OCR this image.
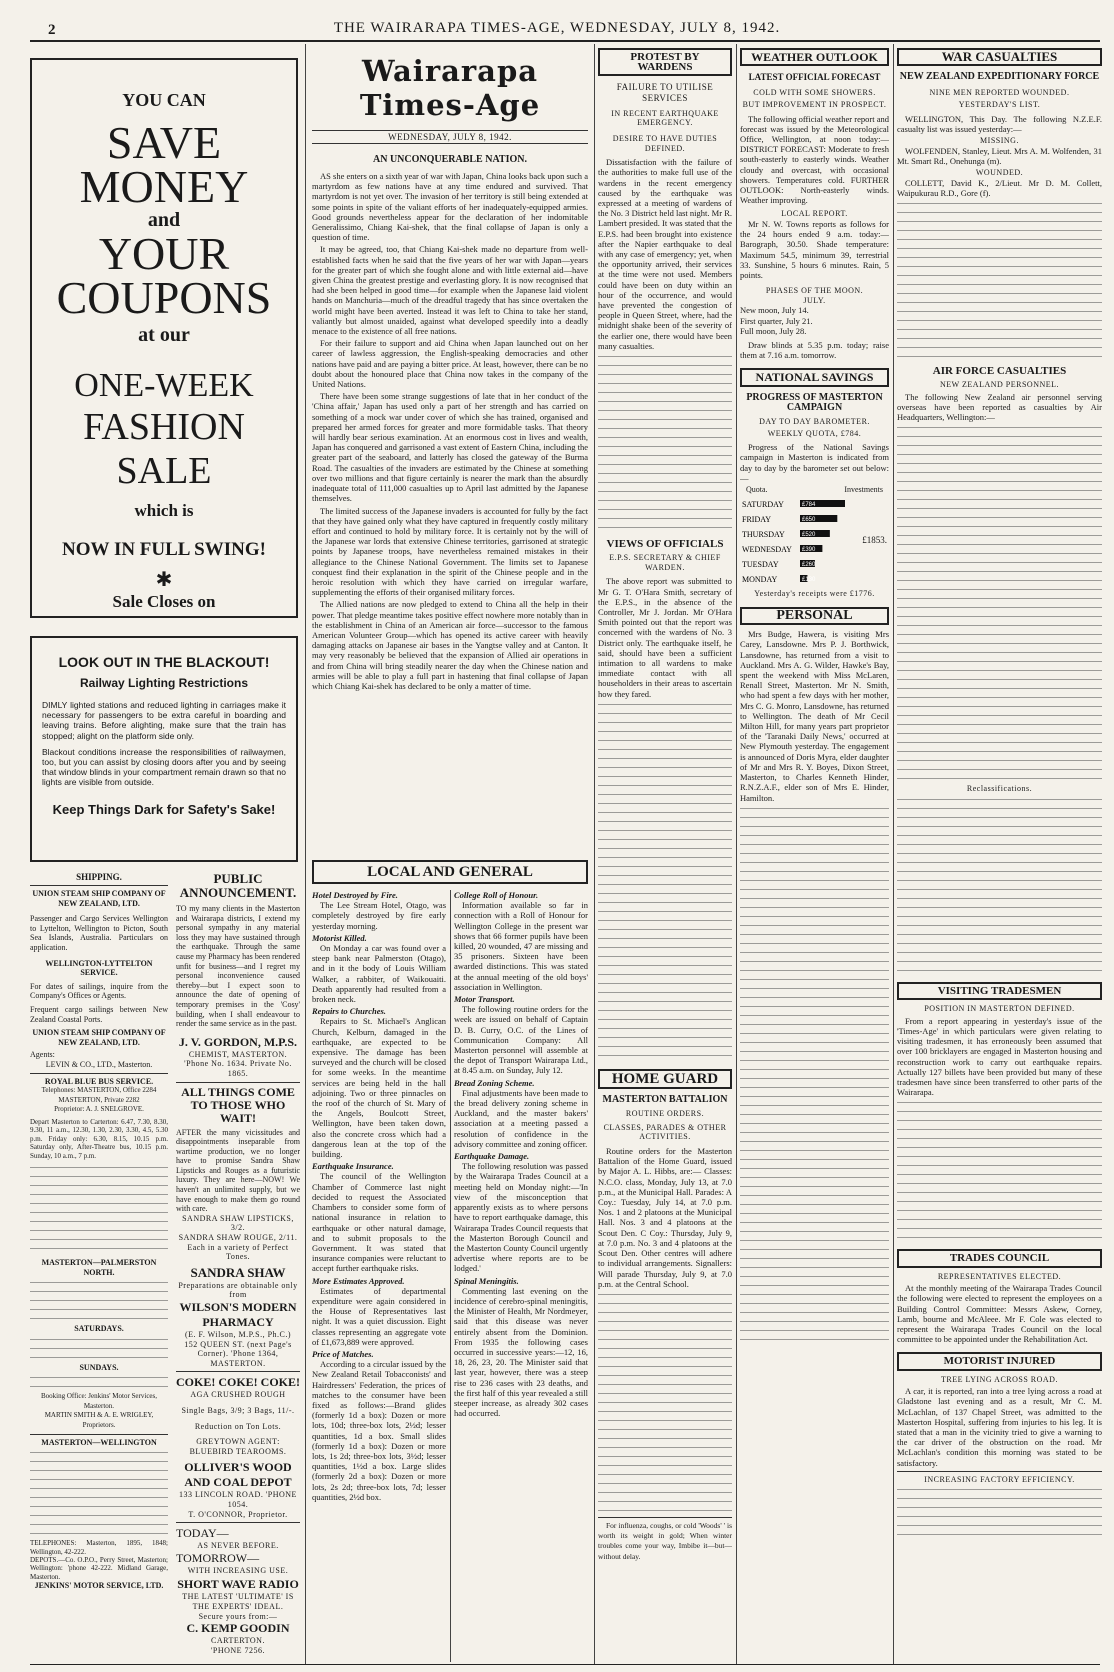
2	THE WAIRARAPA TIMES-AGE, WEDNESDAY, JULY 8, 1942.
YOU CAN
SAVE MONEY
and
YOUR COUPONS
at our
ONE-WEEK
FASHION SALE
which is
NOW IN FULL SWING!
✱
Sale Closes on
LOOK OUT IN THE BLACKOUT!
Railway Lighting Restrictions
DIMLY lighted stations and reduced lighting in carriages make it necessary for passengers to be extra careful in boarding and leaving trains. Before alighting, make sure that the train has stopped; alight on the platform side only.
Blackout conditions increase the responsibilities of railwaymen, too, but you can assist by closing doors after you and by seeing that window blinds in your compartment remain drawn so that no lights are visible from outside.
Keep Things Dark for Safety's Sake!
SHIPPING.
UNION STEAM SHIP COMPANY OF NEW ZEALAND, LTD.
Passenger and Cargo Services Wellington to Lyttelton, Wellington to Picton, South Sea Islands, Australia. Particulars on application.
WELLINGTON-LYTTELTON SERVICE.
For dates of sailings, inquire from the Company's Offices or Agents.
Frequent cargo sailings between New Zealand Coastal Ports.
UNION STEAM SHIP COMPANY OF NEW ZEALAND, LTD.
Agents:
LEVIN & CO., LTD., Masterton.
ROYAL BLUE BUS SERVICE.
Telephones: MASTERTON, Office 2284 MASTERTON, Private 2282
Proprietor: A. J. SNELGROVE.
Depart Masterton to Carterton: 6.47, 7.30, 8.30, 9.30, 11 a.m., 12.30, 1.30, 2.30, 3.30, 4.5, 5.30 p.m. Friday only: 6.30, 8.15, 10.15 p.m. Saturday only, After-Theatre bus, 10.15 p.m. Sunday, 10 a.m., 7 p.m.
MASTERTON—PALMERSTON NORTH.
SATURDAYS.
SUNDAYS.
Booking Office: Jenkins' Motor Services, Masterton.
MARTIN SMITH & A. E. WRIGLEY, Proprietors.
MASTERTON—WELLINGTON
TELEPHONES: Masterton, 1895, 1848; Wellington, 42-222.
DEPOTS.—Co. O.P.O., Perry Street, Masterton; Wellington: 'phone 42-222. Midland Garage, Masterton.
JENKINS' MOTOR SERVICE, LTD.
PUBLIC ANNOUNCEMENT.
TO my many clients in the Masterton and Wairarapa districts, I extend my personal sympathy in any material loss they may have sustained through the earthquake. Through the same cause my Pharmacy has been rendered unfit for business—and I regret my personal inconvenience caused thereby—but I expect soon to announce the date of opening of temporary premises in the 'Cosy' building, when I shall endeavour to render the same service as in the past.
J. V. GORDON, M.P.S.
CHEMIST, MASTERTON.
'Phone No. 1634. Private No. 1865.
ALL THINGS COME TO THOSE WHO WAIT!
AFTER the many vicissitudes and disappointments inseparable from wartime production, we no longer have to promise Sandra Shaw Lipsticks and Rouges as a futuristic luxury. They are here—NOW! We haven't an unlimited supply, but we have enough to make them go round with care.
SANDRA SHAW LIPSTICKS, 3/2.
SANDRA SHAW ROUGE, 2/11.
Each in a variety of Perfect Tones.
SANDRA SHAW
Preparations are obtainable only from
WILSON'S MODERN PHARMACY
(E. F. Wilson, M.P.S., Ph.C.)
152 QUEEN ST. (next Page's Corner). 'Phone 1364, MASTERTON.
COKE! COKE! COKE!
AGA CRUSHED ROUGH
Single Bags, 3/9; 3 Bags, 11/-.
Reduction on Ton Lots.
GREYTOWN AGENT: BLUEBIRD TEAROOMS.
OLLIVER'S WOOD AND COAL DEPOT
133 LINCOLN ROAD. 'PHONE 1054.
T. O'CONNOR, Proprietor.
TODAY—
AS NEVER BEFORE.
TOMORROW—
WITH INCREASING USE.
SHORT WAVE RADIO
THE LATEST 'ULTIMATE' IS THE EXPERTS' IDEAL.
Secure yours from:—
C. KEMP GOODIN
CARTERTON.
'PHONE 7256.
Wairarapa Times-Age
WEDNESDAY, JULY 8, 1942.
AN UNCONQUERABLE NATION.

AS she enters on a sixth year of war with Japan, China looks back upon such a martyrdom as few nations have at any time endured and survived. That martyrdom is not yet over. The invasion of her territory is still being extended at some points in spite of the valiant efforts of her inadequately-equipped armies. Good grounds nevertheless appear for the declaration of her indomitable Generalissimo, Chiang Kai-shek, that the final collapse of Japan is only a question of time.

It may be agreed, too, that Chiang Kai-shek made no departure from well-established facts when he said that the five years of her war with Japan—years for the greater part of which she fought alone and with little external aid—have given China the greatest prestige and everlasting glory. It is now recognised that had she been helped in good time—for example when the Japanese laid violent hands on Manchuria—much of the dreadful tragedy that has since overtaken the world might have been averted. Instead it was left to China to take her stand, valiantly but almost unaided, against what developed speedily into a deadly menace to the existence of all free nations.

For their failure to support and aid China when Japan launched out on her career of lawless aggression, the English-speaking democracies and other nations have paid and are paying a bitter price. At least, however, there can be no doubt about the honoured place that China now takes in the company of the United Nations.

There have been some strange suggestions of late that in her conduct of the 'China affair,' Japan has used only a part of her strength and has carried on something of a mock war under cover of which she has trained, organised and prepared her armed forces for greater and more formidable tasks. That theory will hardly bear serious examination. At an enormous cost in lives and wealth, Japan has conquered and garrisoned a vast extent of Eastern China, including the greater part of the seaboard, and latterly has closed the gateway of the Burma Road. The casualties of the invaders are estimated by the Chinese at something over two millions and that figure certainly is nearer the mark than the absurdly inadequate total of 111,000 casualties up to April last admitted by the Japanese themselves.

The limited success of the Japanese invaders is accounted for fully by the fact that they have gained only what they have captured in frequently costly military effort and continued to hold by military force. It is certainly not by the will of the Japanese war lords that extensive Chinese territories, garrisoned at strategic points by Japanese troops, have nevertheless remained mistakes in their allegiance to the Chinese National Government. The limits set to Japanese conquest find their explanation in the spirit of the Chinese people and in the heroic resolution with which they have carried on irregular warfare, supplementing the efforts of their organised military forces.

The Allied nations are now pledged to extend to China all the help in their power. That pledge meantime takes positive effect nowhere more notably than in the establishment in China of an American air force—successor to the famous American Volunteer Group—which has opened its active career with heavily damaging attacks on Japanese air bases in the Yangtse valley and at Canton. It may very reasonably be believed that the expansion of Allied air operations in and from China will bring steadily nearer the day when the Chinese nation and armies will be able to play a full part in hastening that final collapse of Japan which Chiang Kai-shek has declared to be only a matter of time.

LOCAL AND GENERAL
Hotel Destroyed by Fire.

The Lee Stream Hotel, Otago, was completely destroyed by fire early yesterday morning.

Motorist Killed.

On Monday a car was found over a steep bank near Palmerston (Otago), and in it the body of Louis William Walker, a rabbiter, of Waikouaiti. Death apparently had resulted from a broken neck.

Repairs to Churches.

Repairs to St. Michael's Anglican Church, Kelburn, damaged in the earthquake, are expected to be expensive. The damage has been surveyed and the church will be closed for some weeks. In the meantime services are being held in the hall adjoining. Two or three pinnacles on the roof of the church of St. Mary of the Angels, Boulcott Street, Wellington, have been taken down, also the concrete cross which had a dangerous lean at the top of the building.

Earthquake Insurance.

The council of the Wellington Chamber of Commerce last night decided to request the Associated Chambers to consider some form of national insurance in relation to earthquake or other natural damage, and to submit proposals to the Government. It was stated that insurance companies were reluctant to accept further earthquake risks.

More Estimates Approved.

Estimates of departmental expenditure were again considered in the House of Representatives last night. It was a quiet discussion. Eight classes representing an aggregate vote of £1,673,889 were approved.

Price of Matches.

According to a circular issued by the New Zealand Retail Tobacconists' and Hairdressers' Federation, the prices of matches to the consumer have been fixed as follows:—Brand glides (formerly 1d a box): Dozen or more lots, 10d; three-box lots, 2½d; lesser quantities, 1d a box. Small slides (formerly 1d a box): Dozen or more lots, 1s 2d; three-box lots, 3½d; lesser quantities, 1½d a box. Large slides (formerly 2d a box): Dozen or more lots, 2s 2d; three-box lots, 7d; lesser quantities, 2½d box.

College Roll of Honour.

Information available so far in connection with a Roll of Honour for Wellington College in the present war shows that 66 former pupils have been killed, 20 wounded, 47 are missing and 35 prisoners. Sixteen have been awarded distinctions. This was stated at the annual meeting of the old boys' association in Wellington.

Motor Transport.

The following routine orders for the week are issued on behalf of Captain D. B. Curry, O.C. of the Lines of Communication Company: All Masterton personnel will assemble at the depot of Transport Wairarapa Ltd., at 8.45 a.m. on Sunday, July 12.

Bread Zoning Scheme.

Final adjustments have been made to the bread delivery zoning scheme in Auckland, and the master bakers' association at a meeting passed a resolution of confidence in the advisory committee and zoning officer.

Earthquake Damage.

The following resolution was passed by the Wairarapa Trades Council at a meeting held on Monday night:—'In view of the misconception that apparently exists as to where persons have to report earthquake damage, this Wairarapa Trades Council requests that the Masterton Borough Council and the Masterton County Council urgently advertise where reports are to be lodged.'

Spinal Meningitis.

Commenting last evening on the incidence of cerebro-spinal meningitis, the Minister of Health, Mr Nordmeyer, said that this disease was never entirely absent from the Dominion. From 1935 the following cases occurred in successive years:—12, 16, 18, 26, 23, 20. The Minister said that last year, however, there was a steep rise to 236 cases with 23 deaths, and the first half of this year revealed a still steeper increase, as already 302 cases had occurred.

PROTEST BY WARDENS
FAILURE TO UTILISE SERVICES
IN RECENT EARTHQUAKE EMERGENCY.
DESIRE TO HAVE DUTIES DEFINED.

Dissatisfaction with the failure of the authorities to make full use of the wardens in the recent emergency caused by the earthquake was expressed at a meeting of wardens of the No. 3 District held last night. Mr R. Lambert presided. It was stated that the E.P.S. had been brought into existence after the Napier earthquake to deal with any case of emergency; yet, when the opportunity arrived, their services at the time were not used. Members could have been on duty within an hour of the occurrence, and would have prevented the congestion of people in Queen Street, where, had the midnight shake been of the severity of the earlier one, there would have been many casualties.

VIEWS OF OFFICIALS
E.P.S. SECRETARY & CHIEF WARDEN.

The above report was submitted to Mr G. T. O'Hara Smith, secretary of the E.P.S., in the absence of the Controller, Mr J. Jordan. Mr O'Hara Smith pointed out that the report was concerned with the wardens of No. 3 District only. The earthquake itself, he said, should have been a sufficient intimation to all wardens to make immediate contact with all householders in their areas to ascertain how they fared.

HOME GUARD
MASTERTON BATTALION
ROUTINE ORDERS.
CLASSES, PARADES & OTHER ACTIVITIES.

Routine orders for the Masterton Battalion of the Home Guard, issued by Major A. L. Hibbs, are:— Classes: N.C.O. class, Monday, July 13, at 7.0 p.m., at the Municipal Hall. Parades: A Coy.: Tuesday, July 14, at 7.0 p.m. Nos. 1 and 2 platoons at the Municipal Hall. Nos. 3 and 4 platoons at the Scout Den. C Coy.: Thursday, July 9, at 7.0 p.m. No. 3 and 4 platoons at the Scout Den. Other centres will adhere to individual arrangements. Signallers: Will parade Thursday, July 9, at 7.0 p.m. at the Central School.

For influenza, coughs, or cold 'Woods' ' is worth its weight in gold; When winter troubles come your way, Imbibe it—but—without delay.

WEATHER OUTLOOK
LATEST OFFICIAL FORECAST
COLD WITH SOME SHOWERS.
BUT IMPROVEMENT IN PROSPECT.

The following official weather report and forecast was issued by the Meteorological Office, Wellington, at noon today:— DISTRICT FORECAST: Moderate to fresh south-easterly to easterly winds. Weather cloudy and overcast, with occasional showers. Temperatures cold. FURTHER OUTLOOK: North-easterly winds. Weather improving.

LOCAL REPORT.

Mr N. W. Towns reports as follows for the 24 hours ended 9 a.m. today:—Barograph, 30.50. Shade temperature: Maximum 54.5, minimum 39, terrestrial 33. Sunshine, 5 hours 6 minutes. Rain, 5 points.

PHASES OF THE MOON.
JULY.
New moon, July 14.
First quarter, July 21.
Full moon, July 28.

Draw blinds at 5.35 p.m. today; raise them at 7.16 a.m. tomorrow.

NATIONAL SAVINGS
PROGRESS OF MASTERTON CAMPAIGN
DAY TO DAY BAROMETER.
WEEKLY QUOTA, £784.

Progress of the National Savings campaign in Masterton is indicated from day to day by the barometer set out below:—

Quota.	Investments
SATURDAY	£784
FRIDAY	£650
THURSDAY	£520
WEDNESDAY £390
TUESDAY	£260
MONDAY	£130
£1853.
Yesterday's receipts were £1776.
PERSONAL

Mrs Budge, Hawera, is visiting Mrs Carey, Lansdowne. Mrs P. J. Borthwick, Lansdowne, has returned from a visit to Auckland. Mrs A. G. Wilder, Hawke's Bay, spent the weekend with Miss McLaren, Renall Street, Masterton. Mr N. Smith, who had spent a few days with her mother, Mrs C. G. Monro, Lansdowne, has returned to Wellington. The death of Mr Cecil Milton Hill, for many years part proprietor of the 'Taranaki Daily News,' occurred at New Plymouth yesterday. The engagement is announced of Doris Myra, elder daughter of Mr and Mrs R. Y. Boyes, Dixon Street, Masterton, to Charles Kenneth Hinder, R.N.Z.A.F., elder son of Mrs E. Hinder, Hamilton.

WAR CASUALTIES
NEW ZEALAND EXPEDITIONARY FORCE
NINE MEN REPORTED WOUNDED.
YESTERDAY'S LIST.

WELLINGTON, This Day. The following N.Z.E.F. casualty list was issued yesterday:—

MISSING.

WOLFENDEN, Stanley, Lieut. Mrs A. M. Wolfenden, 31 Mt. Smart Rd., Onehunga (m).

WOUNDED.

COLLETT, David K., 2/Lieut. Mr D. M. Collett, Waipukurau R.D., Gore (f).

AIR FORCE CASUALTIES
NEW ZEALAND PERSONNEL.

The following New Zealand air personnel serving overseas have been reported as casualties by Air Headquarters, Wellington:—

Reclassifications.
VISITING TRADESMEN
POSITION IN MASTERTON DEFINED.

From a report appearing in yesterday's issue of the 'Times-Age' in which particulars were given relating to visiting tradesmen, it has erroneously been assumed that over 100 bricklayers are engaged in Masterton housing and reconstruction work to carry out earthquake repairs. Actually 127 billets have been provided but many of these tradesmen have since been transferred to other parts of the Wairarapa.

TRADES COUNCIL
REPRESENTATIVES ELECTED.

At the monthly meeting of the Wairarapa Trades Council the following were elected to represent the employees on a Building Control Committee: Messrs Askew, Corney, Lamb, bourne and McAleee. Mr F. Cole was elected to represent the Wairarapa Trades Council on the local committee to be appointed under the Rehabilitation Act.

MOTORIST INJURED
TREE LYING ACROSS ROAD.

A car, it is reported, ran into a tree lying across a road at Gladstone last evening and as a result, Mr C. M. McLachlan, of 137 Chapel Street, was admitted to the Masterton Hospital, suffering from injuries to his leg. It is stated that a man in the vicinity tried to give a warning to the car driver of the obstruction on the road. Mr McLachlan's condition this morning was stated to be satisfactory.

INCREASING FACTORY EFFICIENCY.
